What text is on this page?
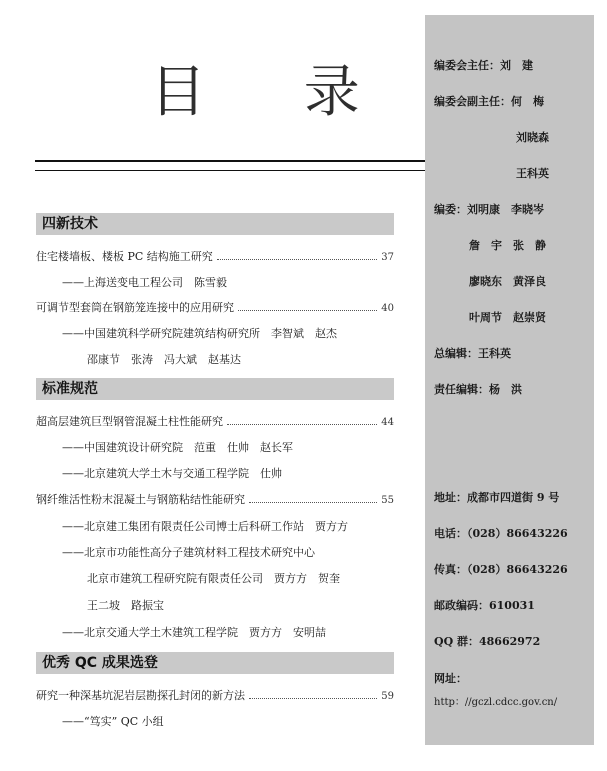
目 录
四新技术
住宅楼墙板、楼板 PC 结构施工研究	37
——上海送变电工程公司　陈雪毅
可调节型套筒在钢筋笼连接中的应用研究	40
——中国建筑科学研究院建筑结构研究所　李智斌　赵杰
邵康节　张涛　冯大斌　赵基达
标准规范
超高层建筑巨型钢管混凝土柱性能研究	44
——中国建筑设计研究院　范重　仕帅　赵长军
——北京建筑大学土木与交通工程学院　仕帅
钢纤维活性粉末混凝土与钢筋粘结性能研究	55
——北京建工集团有限责任公司博士后科研工作站　贾方方
——北京市功能性高分子建筑材料工程技术研究中心
北京市建筑工程研究院有限责任公司　贾方方　贺奎
王二坡　路振宝
——北京交通大学土木建筑工程学院　贾方方　安明喆
优秀 QC 成果选登
研究一种深基坑泥岩层勘探孔封闭的新方法	59
——“笃实” QC 小组
编委会主任：刘　建
编委会副主任：何　梅
刘晓森
王科英
编委：刘明康　李晓岑
詹　宇　张　静
廖晓东　黄泽良
叶周节　赵崇贤
总编辑：王科英
责任编辑：杨　洪
地址：成都市四道街 9 号
电话：（028）86643226
传真：（028）86643226
邮政编码：610031
QQ 群：48662972
网址：
http：//gczl.cdcc.gov.cn/
